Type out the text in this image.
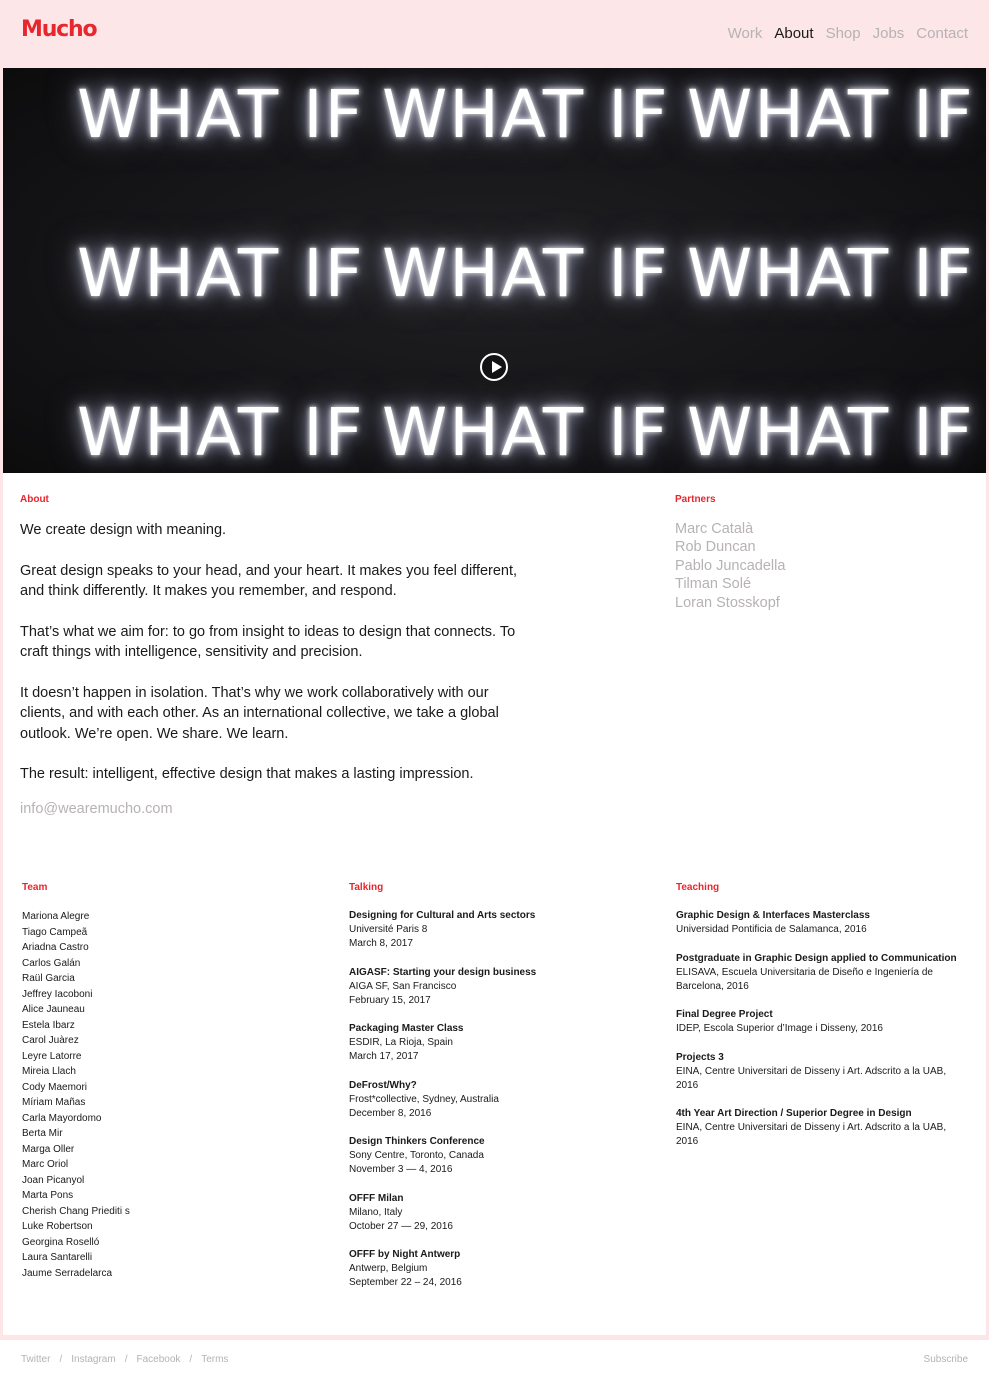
Mucho	Work About Shop Jobs Contact
WHAT IF WHAT IF WHAT IF
WHAT IF WHAT IF WHAT IF
WHAT IF WHAT IF WHAT IF
About

We create design with meaning.

Great design speaks to your head, and your heart. It makes you feel different, and think differently. It makes you remember, and respond.

That’s what we aim for: to go from insight to ideas to design that connects. To craft things with intelligence, sensitivity and precision.

It doesn’t happen in isolation. That’s why we work collaboratively with our clients, and with each other. As an international collective, we take a global outlook. We’re open. We share. We learn.

The result: intelligent, effective design that makes a lasting impression.

info@wearemucho.com
Partners
Marc Català
Rob Duncan
Pablo Juncadella
Tilman Solé
Loran Stosskopf
Team
Mariona Alegre
Tiago Campeã
Ariadna Castro
Carlos Galán
Raül Garcia
Jeffrey Iacoboni
Alice Jauneau
Estela Ibarz
Carol Juàrez
Leyre Latorre
Mireia Llach
Cody Maemori
Míriam Mañas
Carla Mayordomo
Berta Mir
Marga Oller
Marc Oriol
Joan Picanyol
Marta Pons
Cherish Chang Priediti s
Luke Robertson
Georgina Roselló
Laura Santarelli
Jaume Serradelarca
Talking
Designing for Cultural and Arts sectors
Université Paris 8
March 8, 2017
AIGASF: Starting your design business
AIGA SF, San Francisco
February 15, 2017
Packaging Master Class
ESDIR, La Rioja, Spain
March 17, 2017
DeFrost/Why?
Frost*collective, Sydney, Australia
December 8, 2016
Design Thinkers Conference
Sony Centre, Toronto, Canada
November 3 — 4, 2016
OFFF Milan
Milano, Italy
October 27 — 29, 2016
OFFF by Night Antwerp
Antwerp, Belgium
September 22 – 24, 2016
Teaching
Graphic Design & Interfaces Masterclass
Universidad Pontificia de Salamanca, 2016
Postgraduate in Graphic Design applied to Communication
ELISAVA, Escuela Universitaria de Diseño e Ingeniería de Barcelona, 2016
Final Degree Project
IDEP, Escola Superior d’Image i Disseny, 2016
Projects 3
EINA, Centre Universitari de Disseny i Art. Adscrito a la UAB, 2016
4th Year Art Direction / Superior Degree in Design
EINA, Centre Universitari de Disseny i Art. Adscrito a la UAB, 2016
Twitter / Instagram / Facebook / Terms	Subscribe
